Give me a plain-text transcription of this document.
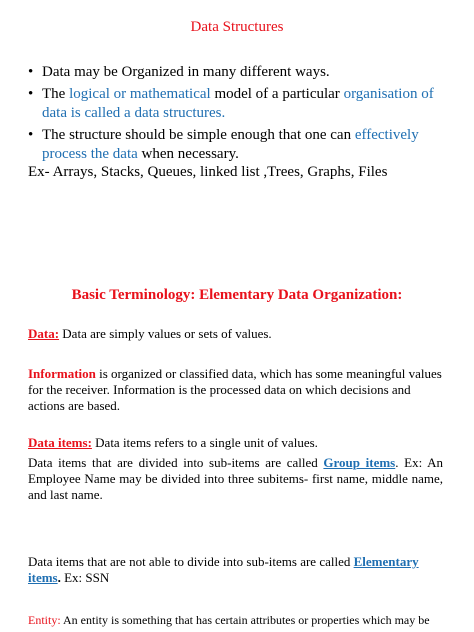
Data Structures
• Data may be Organized in many different ways.
• The logical or mathematical model of a particular organisation of data is called a data structures.
• The structure should be simple enough that one can effectively process the data when necessary.
Ex- Arrays, Stacks, Queues, linked list ,Trees, Graphs, Files
Basic Terminology: Elementary Data Organization:
Data: Data are simply values or sets of values.
Information is organized or classified data, which has some meaningful values for the receiver. Information is the processed data on which decisions and actions are based.
Data items: Data items refers to a single unit of values.
Data items that are divided into sub-items are called Group items. Ex: An Employee Name may be divided into three subitems- first name, middle name, and last name.
Data items that are not able to divide into sub-items are called Elementary items. Ex: SSN
Entity: An entity is something that has certain attributes or properties which may be
